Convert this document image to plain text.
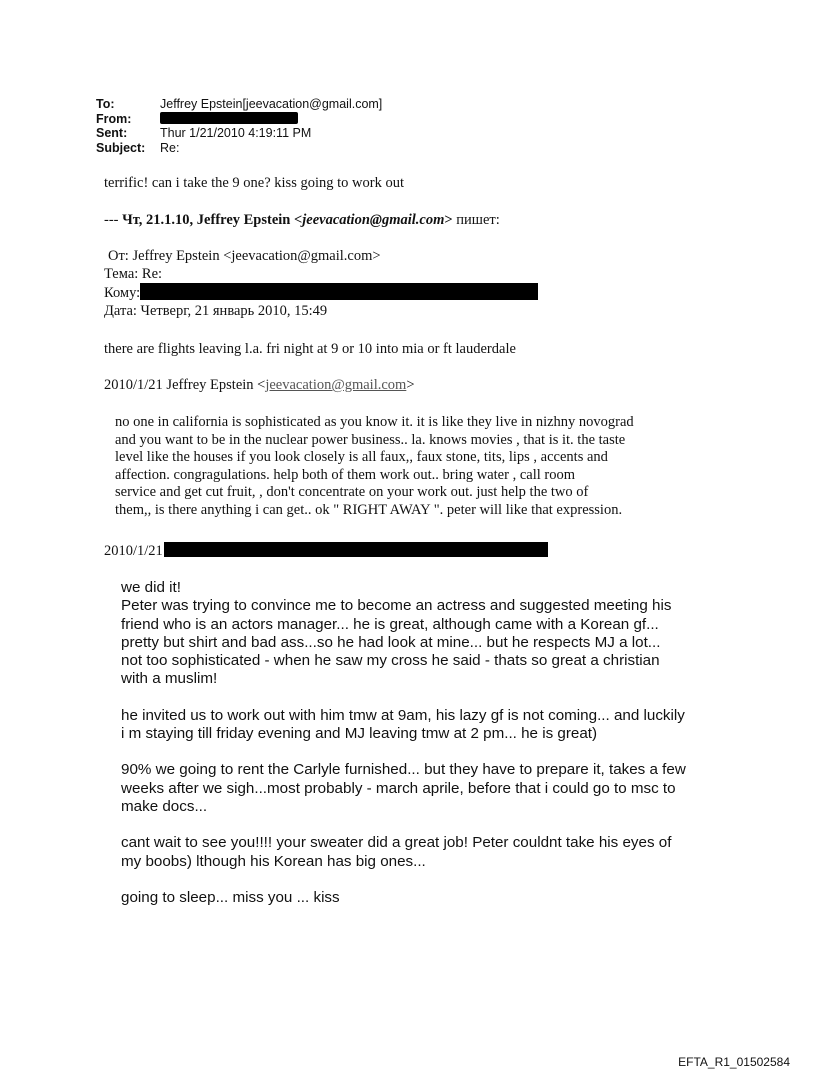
To:	Jeffrey Epstein[jeevacation@gmail.com]
From:
Sent:	Thur 1/21/2010 4:19:11 PM
Subject:	Re:
terrific! can i take the 9 one? kiss going to work out
--- Чт, 21.1.10, Jeffrey Epstein <jeevacation@gmail.com> пишет:
От: Jeffrey Epstein <jeevacation@gmail.com>
Тема: Re:
Кому:
Дата: Четверг, 21 январь 2010, 15:49
there are flights leaving l.a. fri night at 9 or 10 into mia or ft lauderdale
2010/1/21 Jeffrey Epstein <jeevacation@gmail.com>
no one in california is sophisticated as you know it. it is like they live in nizhny novograd
and you want to be in the nuclear power business.. la. knows movies , that is it. the taste
level like the houses if you look closely is all faux,, faux stone, tits, lips , accents and
affection. congragulations. help both of them work out.. bring water , call room
service and get cut fruit, , don't concentrate on your work out. just help the two of
them,, is there anything i can get.. ok " RIGHT AWAY ". peter will like that expression.
2010/1/21
we did it!
Peter was trying to convince me to become an actress and suggested meeting his
friend who is an actors manager... he is great, although came with a Korean gf...
pretty but shirt and bad ass...so he had look at mine... but he respects MJ a lot...
not too sophisticated - when he saw my cross he said - thats so great a christian
with a muslim!
he invited us to work out with him tmw at 9am, his lazy gf is not coming... and luckily
i m staying till friday evening and MJ leaving tmw at 2 pm... he is great)
90% we going to rent the Carlyle furnished... but they have to prepare it, takes a few
weeks after we sigh...most probably - march aprile, before that i could go to msc to
make docs...
cant wait to see you!!!! your sweater did a great job! Peter couldnt take his eyes of
my boobs) lthough his Korean has big ones...
going to sleep... miss you ... kiss
EFTA_R1_01502584
